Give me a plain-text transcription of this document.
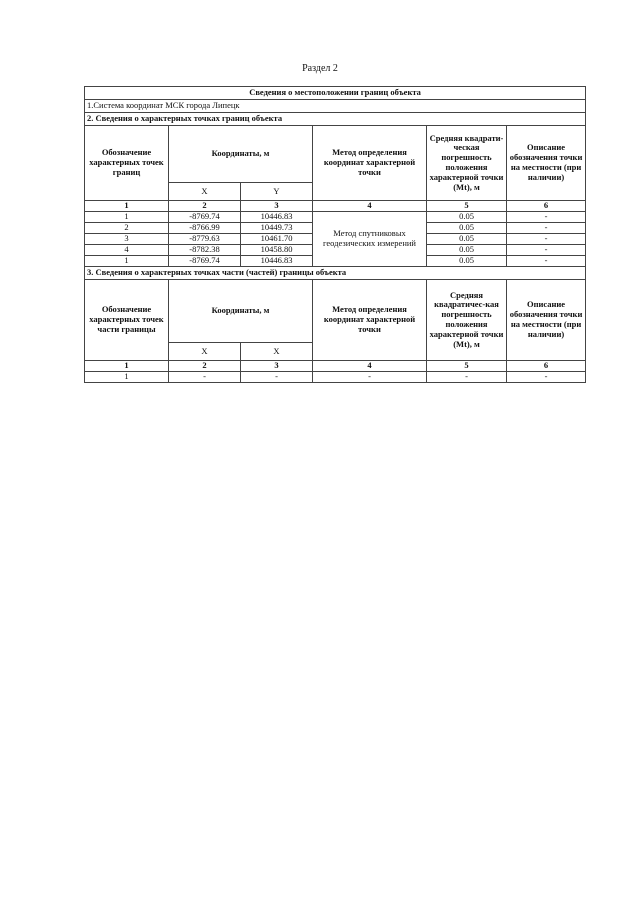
Раздел 2
Сведения о местоположении границ объекта					
1.Система координат МСК города Липецк					
2. Сведения о характерных точках границ объекта					
Обозначение характерных точек границ	Координаты, м		Метод определения координат характерной точки	Средняя квадрати-ческая погрешность положения характерной точки (Mt), м	Описание обозначения точки на местности (при наличии)
	X	Y			
1	2	3	4	5	6
1	-8769.74	10446.83	Метод спутниковых геодезических измерений	0.05	-
2	-8766.99	10449.73		0.05	-
3	-8779.63	10461.70		0.05	-
4	-8782.38	10458.80		0.05	-
1	-8769.74	10446.83		0.05	-
3. Сведения о характерных точках части (частей) границы объекта					
Обозначение характерных точек части границы	Координаты, м		Метод определения координат характерной точки	Средняя квадратичес-кая погрешность положения характерной точки (Mt), м	Описание обозначения точки на местности (при наличии)
	X	X			
1	2	3	4	5	6
1	-	-	-	-	-
